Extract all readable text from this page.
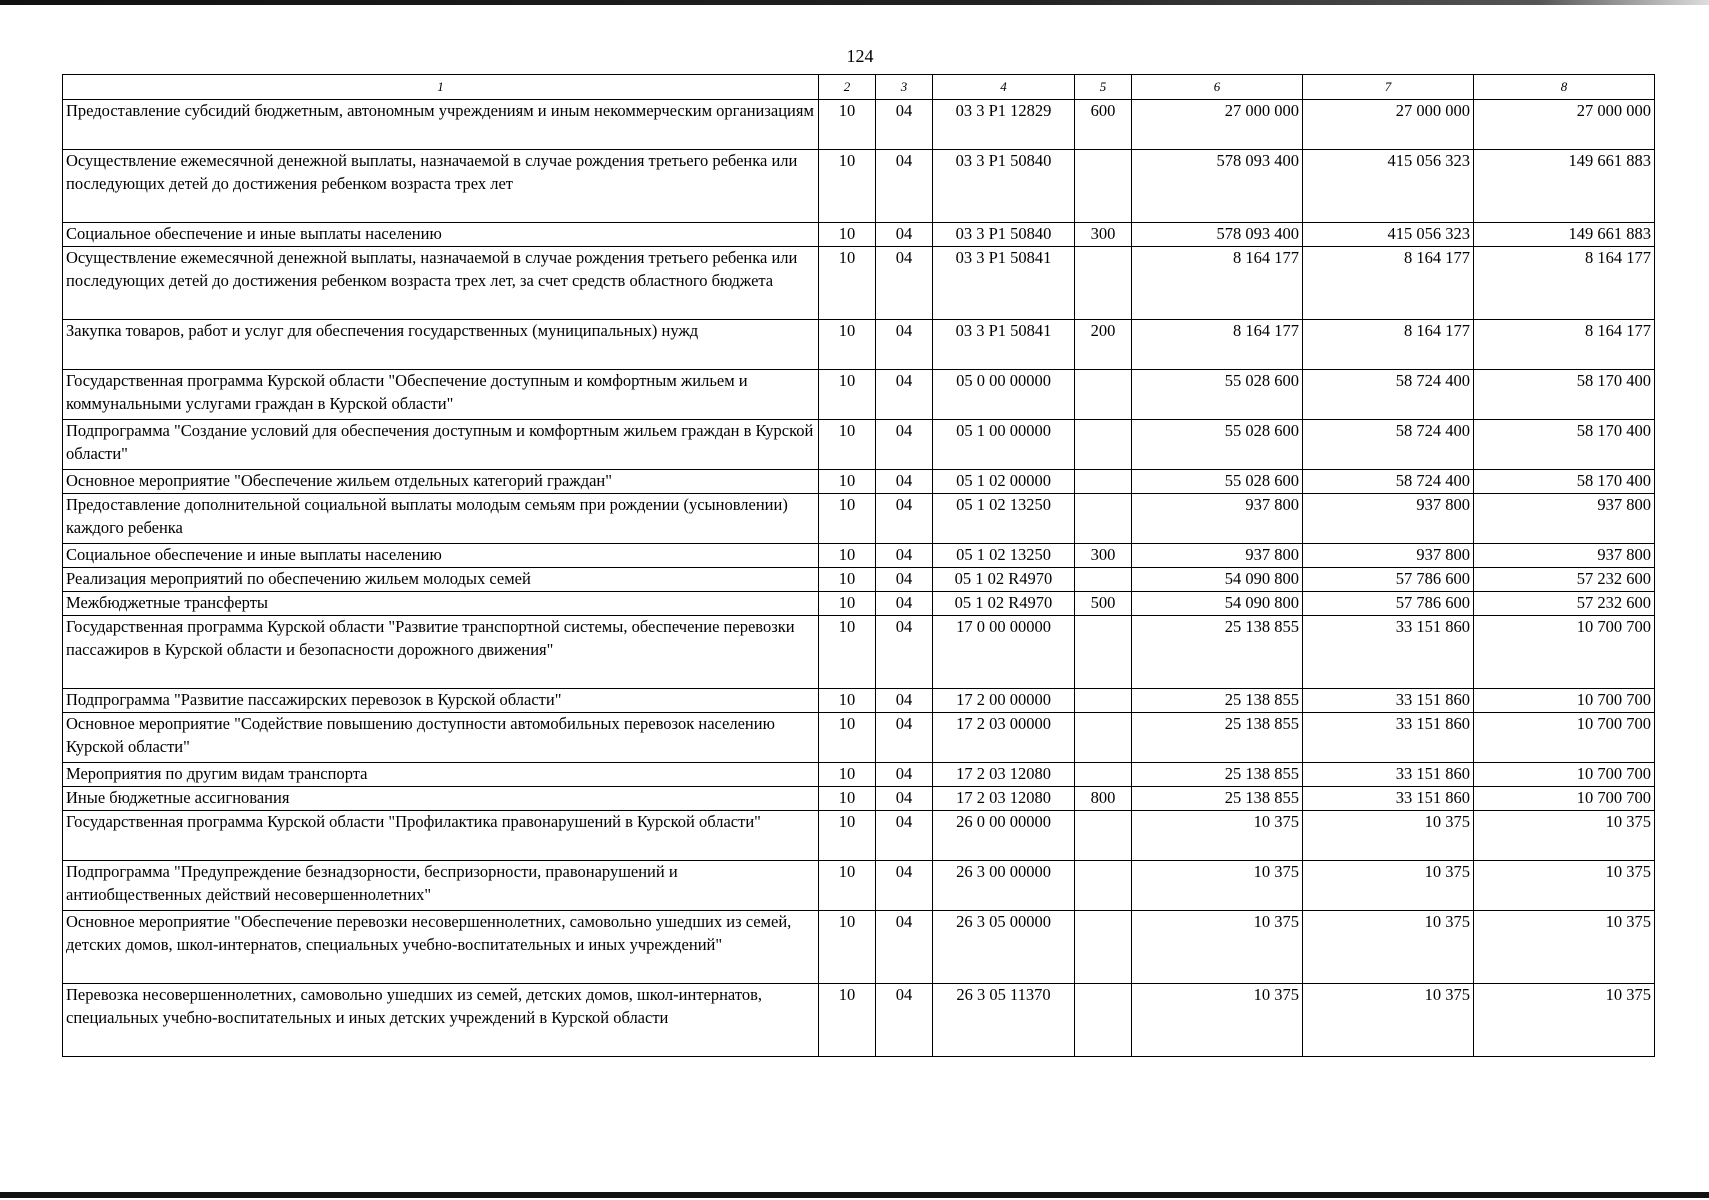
124
1	2	3	4	5	6	7	8
Предоставление субсидий бюджетным, автономным учреждениям и иным некоммерческим организациям	10	04	03 3 Р1 12829	600	27 000 000	27 000 000	27 000 000
Осуществление ежемесячной денежной выплаты, назначаемой в случае рождения третьего ребенка или последующих детей до достижения ребенком возраста трех лет	10	04	03 3 Р1 50840		578 093 400	415 056 323	149 661 883
Социальное обеспечение и иные выплаты населению	10	04	03 3 Р1 50840	300	578 093 400	415 056 323	149 661 883
Осуществление ежемесячной денежной выплаты, назначаемой в случае рождения третьего ребенка или последующих детей до достижения ребенком возраста трех лет, за счет средств областного бюджета	10	04	03 3 Р1 50841		8 164 177	8 164 177	8 164 177
Закупка товаров, работ и услуг для обеспечения государственных (муниципальных) нужд	10	04	03 3 Р1 50841	200	8 164 177	8 164 177	8 164 177
Государственная программа Курской области "Обеспечение доступным и комфортным жильем и коммунальными услугами граждан в Курской области"	10	04	05 0 00 00000		55 028 600	58 724 400	58 170 400
Подпрограмма "Создание условий для обеспечения доступным и комфортным жильем граждан в Курской области"	10	04	05 1 00 00000		55 028 600	58 724 400	58 170 400
Основное мероприятие "Обеспечение жильем отдельных категорий граждан"	10	04	05 1 02 00000		55 028 600	58 724 400	58 170 400
Предоставление дополнительной социальной выплаты молодым семьям при рождении (усыновлении) каждого ребенка	10	04	05 1 02 13250		937 800	937 800	937 800
Социальное обеспечение и иные выплаты населению	10	04	05 1 02 13250	300	937 800	937 800	937 800
Реализация мероприятий по обеспечению жильем молодых семей	10	04	05 1 02 R4970		54 090 800	57 786 600	57 232 600
Межбюджетные трансферты	10	04	05 1 02 R4970	500	54 090 800	57 786 600	57 232 600
Государственная программа Курской области "Развитие транспортной системы, обеспечение перевозки пассажиров в Курской области и безопасности дорожного движения"	10	04	17 0 00 00000		25 138 855	33 151 860	10 700 700
Подпрограмма "Развитие пассажирских перевозок в Курской области"	10	04	17 2 00 00000		25 138 855	33 151 860	10 700 700
Основное мероприятие "Содействие повышению доступности автомобильных перевозок населению Курской области"	10	04	17 2 03 00000		25 138 855	33 151 860	10 700 700
Мероприятия по другим видам транспорта	10	04	17 2 03 12080		25 138 855	33 151 860	10 700 700
Иные бюджетные ассигнования	10	04	17 2 03 12080	800	25 138 855	33 151 860	10 700 700
Государственная программа Курской области "Профилактика правонарушений в Курской области"	10	04	26 0 00 00000		10 375	10 375	10 375
Подпрограмма "Предупреждение безнадзорности, беспризорности, правонарушений и антиобщественных действий несовершеннолетних"	10	04	26 3 00 00000		10 375	10 375	10 375
Основное мероприятие "Обеспечение перевозки несовершеннолетних, самовольно ушедших из семей, детских домов, школ-интернатов, специальных учебно-воспитательных и иных учреждений"	10	04	26 3 05 00000		10 375	10 375	10 375
Перевозка несовершеннолетних, самовольно ушедших из семей, детских домов, школ-интернатов, специальных учебно-воспитательных и иных детских учреждений в Курской области	10	04	26 3 05 11370		10 375	10 375	10 375
